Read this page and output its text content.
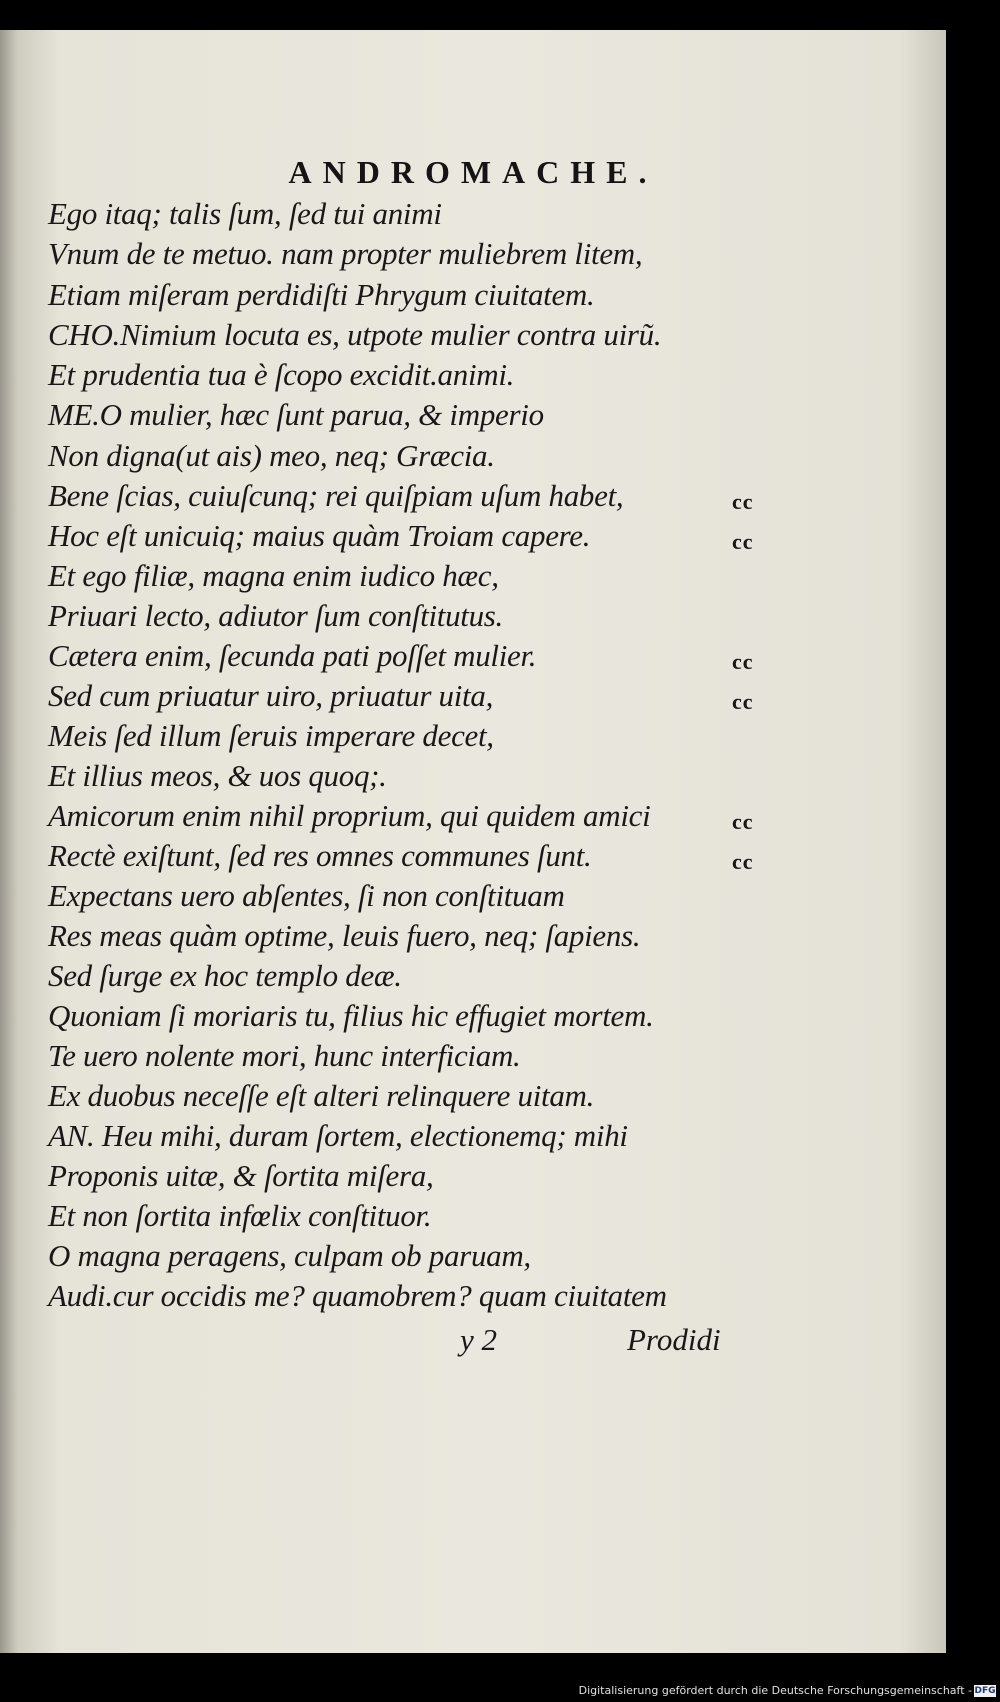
ANDROMACHE.
Ego itaq; talis ſum, ſed tui animi
Vnum de te metuo. nam propter muliebrem litem,
Etiam miſeram perdidiſti Phrygum ciuitatem.
CHO.Nimium locuta es, utpote mulier contra uirũ.
Et prudentia tua è ſcopo excidit.animi.
ME.O mulier, hæc ſunt parua, & imperio
Non digna(ut ais) meo, neq; Græcia.
Bene ſcias, cuiuſcunq; rei quiſpiam uſum habet,
Hoc eſt unicuiq; maius quàm Troiam capere.
Et ego filiæ, magna enim iudico hæc,
Priuari lecto, adiutor ſum conſtitutus.
Cætera enim, ſecunda pati poſſet mulier.
Sed cum priuatur uiro, priuatur uita,
Meis ſed illum ſeruis imperare decet,
Et illius meos, & uos quoq;.
Amicorum enim nihil proprium, qui quidem amici
Rectè exiſtunt, ſed res omnes communes ſunt.
Expectans uero abſentes, ſi non conſtituam
Res meas quàm optime, leuis fuero, neq; ſapiens.
Sed ſurge ex hoc templo deæ.
Quoniam ſi moriaris tu, filius hic effugiet mortem.
Te uero nolente mori, hunc interficiam.
Ex duobus neceſſe eſt alteri relinquere uitam.
AN. Heu mihi, duram ſortem, electionemq; mihi
Proponis uitæ, & ſortita miſera,
Et non ſortita infœlix conſtituor.
O magna peragens, culpam ob paruam,
Audi.cur occidis me? quamobrem? quam ciuitatem
cc
cc
cc
cc
cc
cc
y 2	Prodidi
Digitalisierung gefördert durch die Deutsche Forschungsgemeinschaft - DFG
